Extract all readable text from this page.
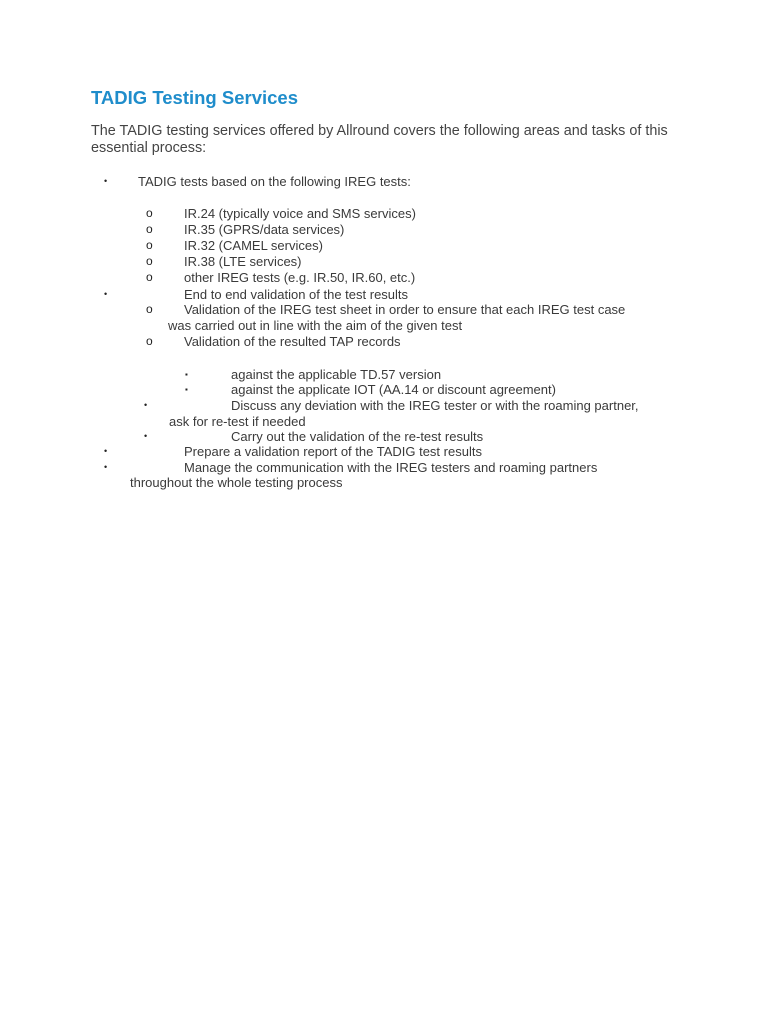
TADIG Testing Services

The TADIG testing services offered by Allround covers the following areas and tasks of this essential process:

• TADIG tests based on the following IREG tests:
o IR.24 (typically voice and SMS services)
o IR.35 (GPRS/data services)
o IR.32 (CAMEL services)
o IR.38 (LTE services)
o other IREG tests (e.g. IR.50, IR.60, etc.)
•	End to end validation of the test results
o Validation of the IREG test sheet in order to ensure that each IREG test case
was carried out in line with the aim of the given test
o Validation of the resulted TAP records
▪	against the applicable TD.57 version
▪	against the applicate IOT (AA.14 or discount agreement)
•	Discuss any deviation with the IREG tester or with the roaming partner,
ask for re-test if needed
•	Carry out the validation of the re-test results
•	Prepare a validation report of the TADIG test results
•	Manage the communication with the IREG testers and roaming partners
throughout the whole testing process
